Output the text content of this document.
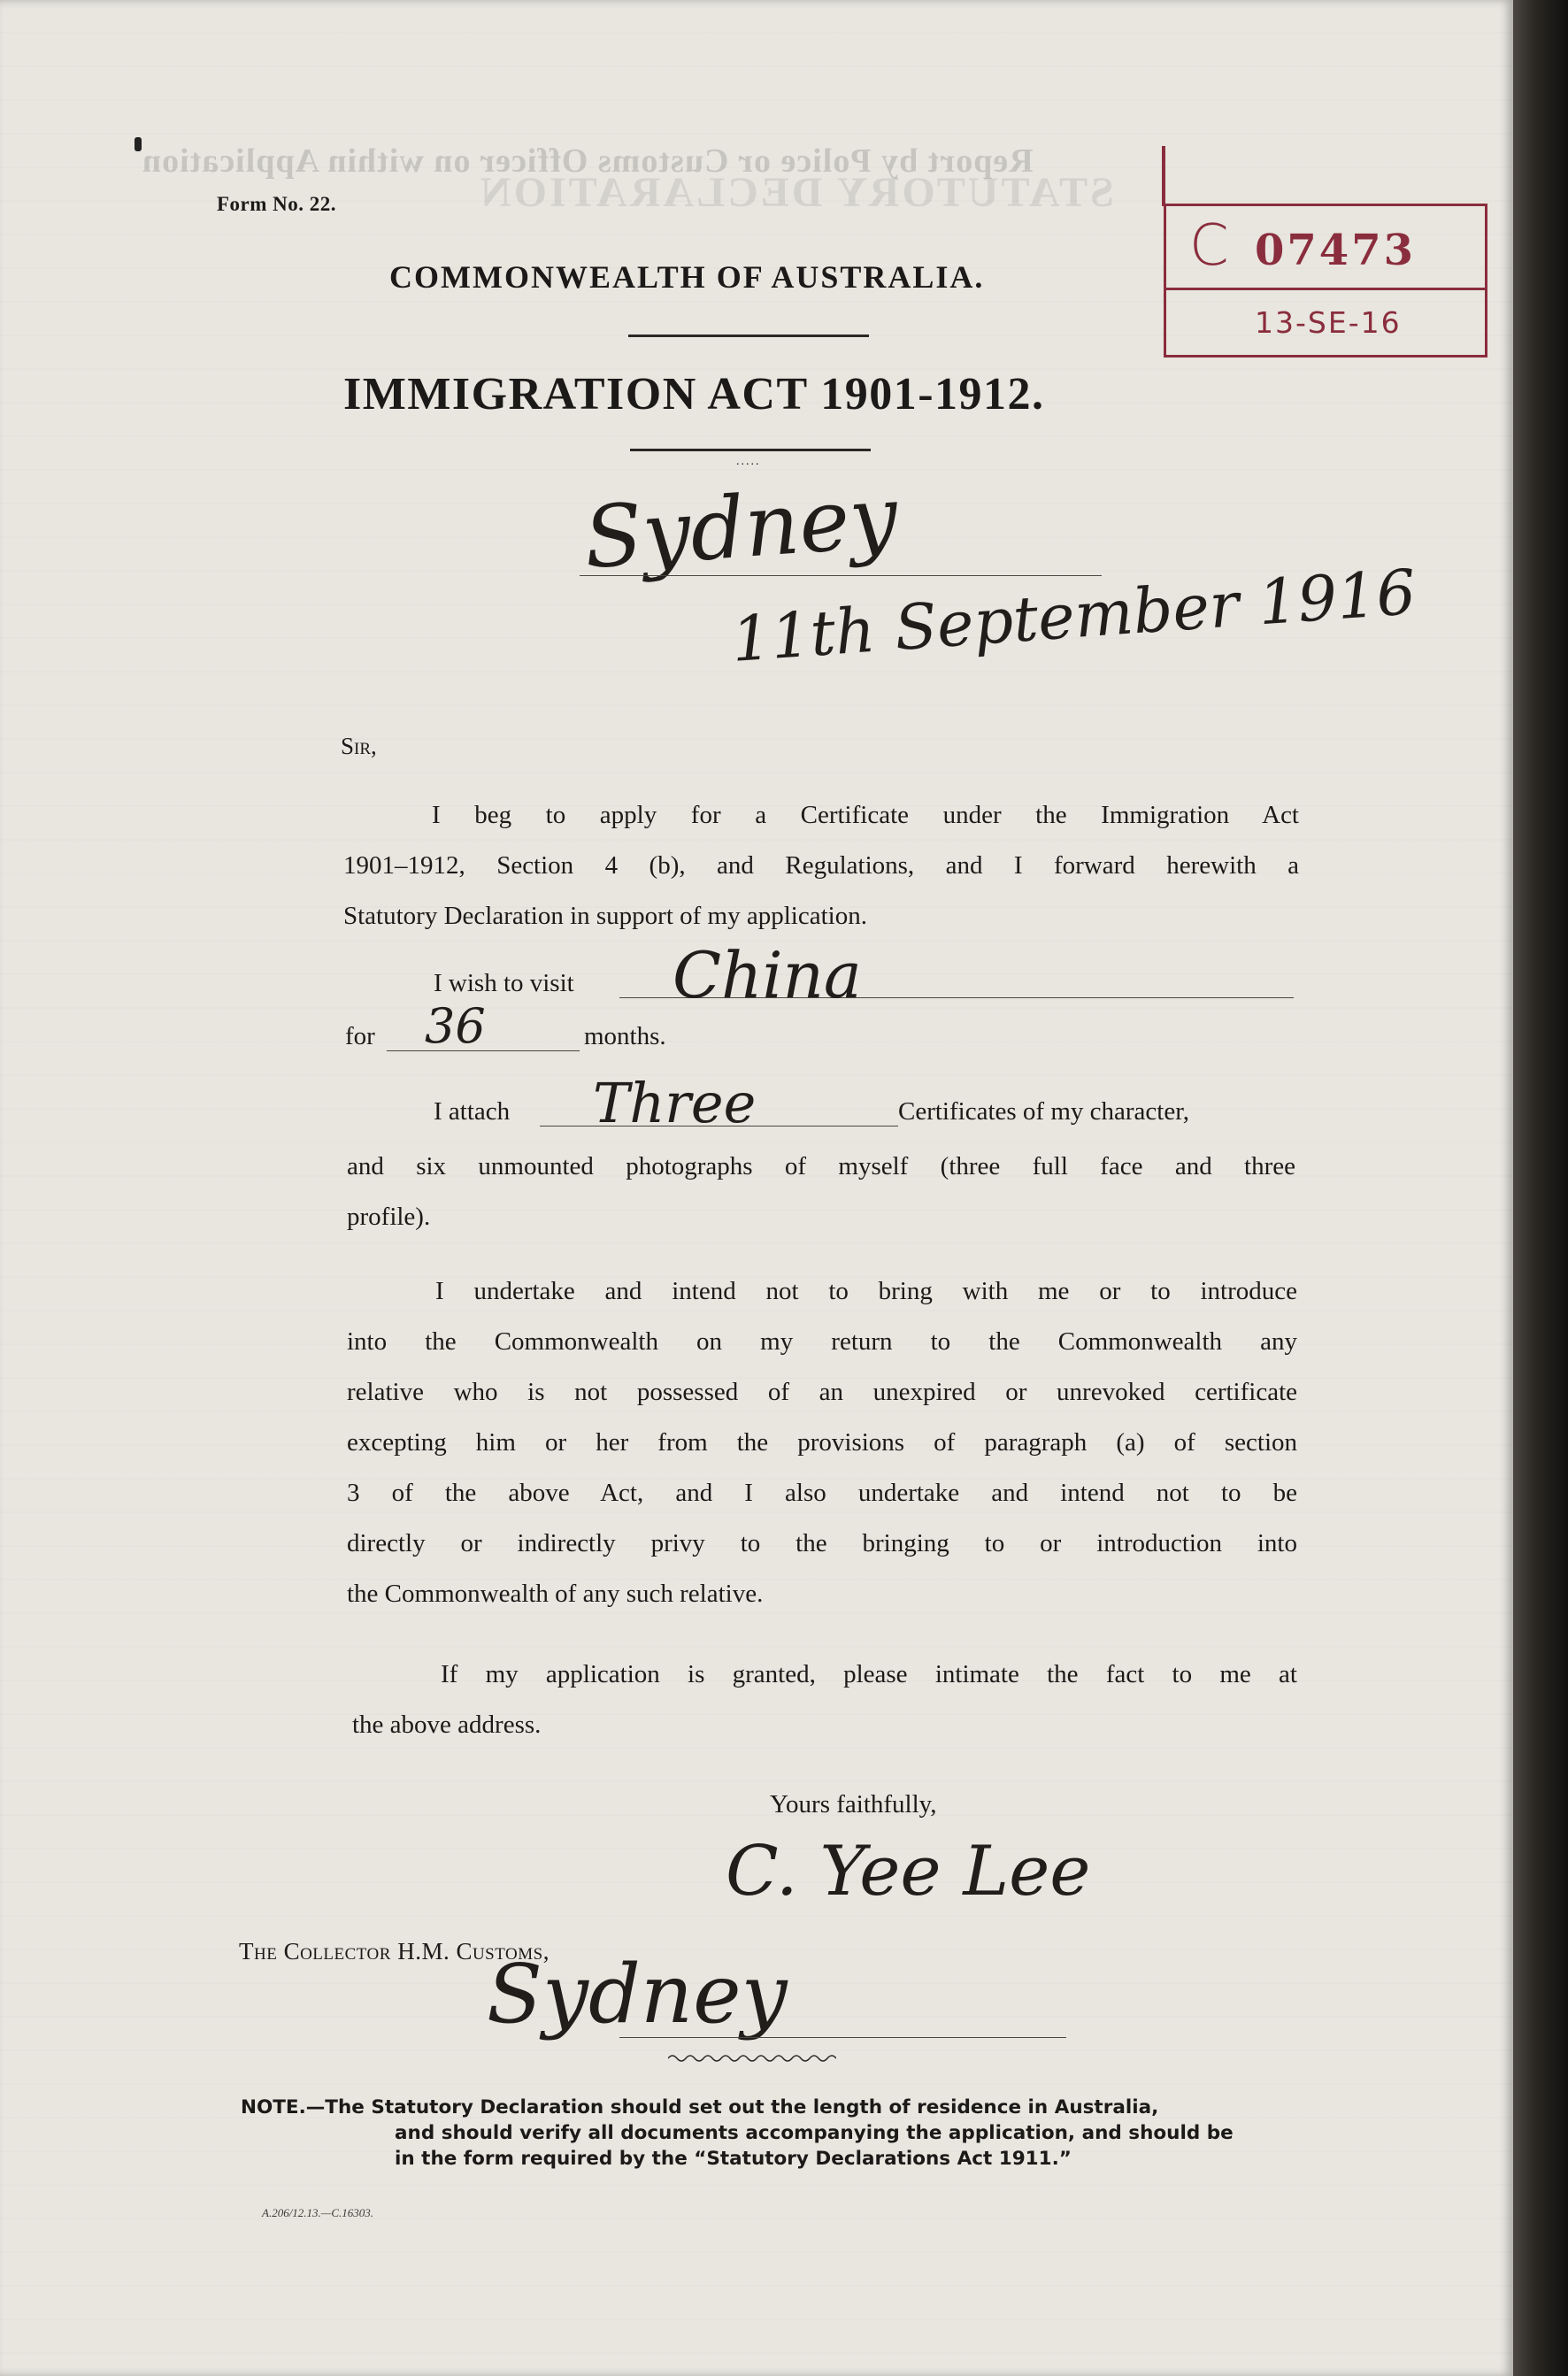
Report by Police or Customs Officer on within Application
STATUTORY DECLARATION
Form No. 22.
COMMONWEALTH OF AUSTRALIA.
IMMIGRATION ACT 1901-1912.
.....
C 07473
13-SE-16
Sydney
11th September 1916
Sir,
I beg to apply for a Certificate under the Immigration Act
1901–1912, Section 4 (b), and Regulations, and I forward herewith a
Statutory Declaration in support of my application.
I wish to visit China
for 36	months.
I attach Three	Certificates of my character,
and six unmounted photographs of myself (three full face and three
profile).
I undertake and intend not to bring with me or to introduce
into the Commonwealth on my return to the Commonwealth any
relative who is not possessed of an unexpired or unrevoked certificate
excepting him or her from the provisions of paragraph (a) of section
3 of the above Act, and I also undertake and intend not to be
directly or indirectly privy to the bringing to or introduction into
the Commonwealth of any such relative.
If my application is granted, please intimate the fact to me at
the above address.
Yours faithfully,
C. Yee Lee
The Collector H.M. Customs,
Sydney
NOTE.—The Statutory Declaration should set out the length of residence in Australia,
and should verify all documents accompanying the application, and should be
in the form required by the “Statutory Declarations Act 1911.”
A.206/12.13.—C.16303.
